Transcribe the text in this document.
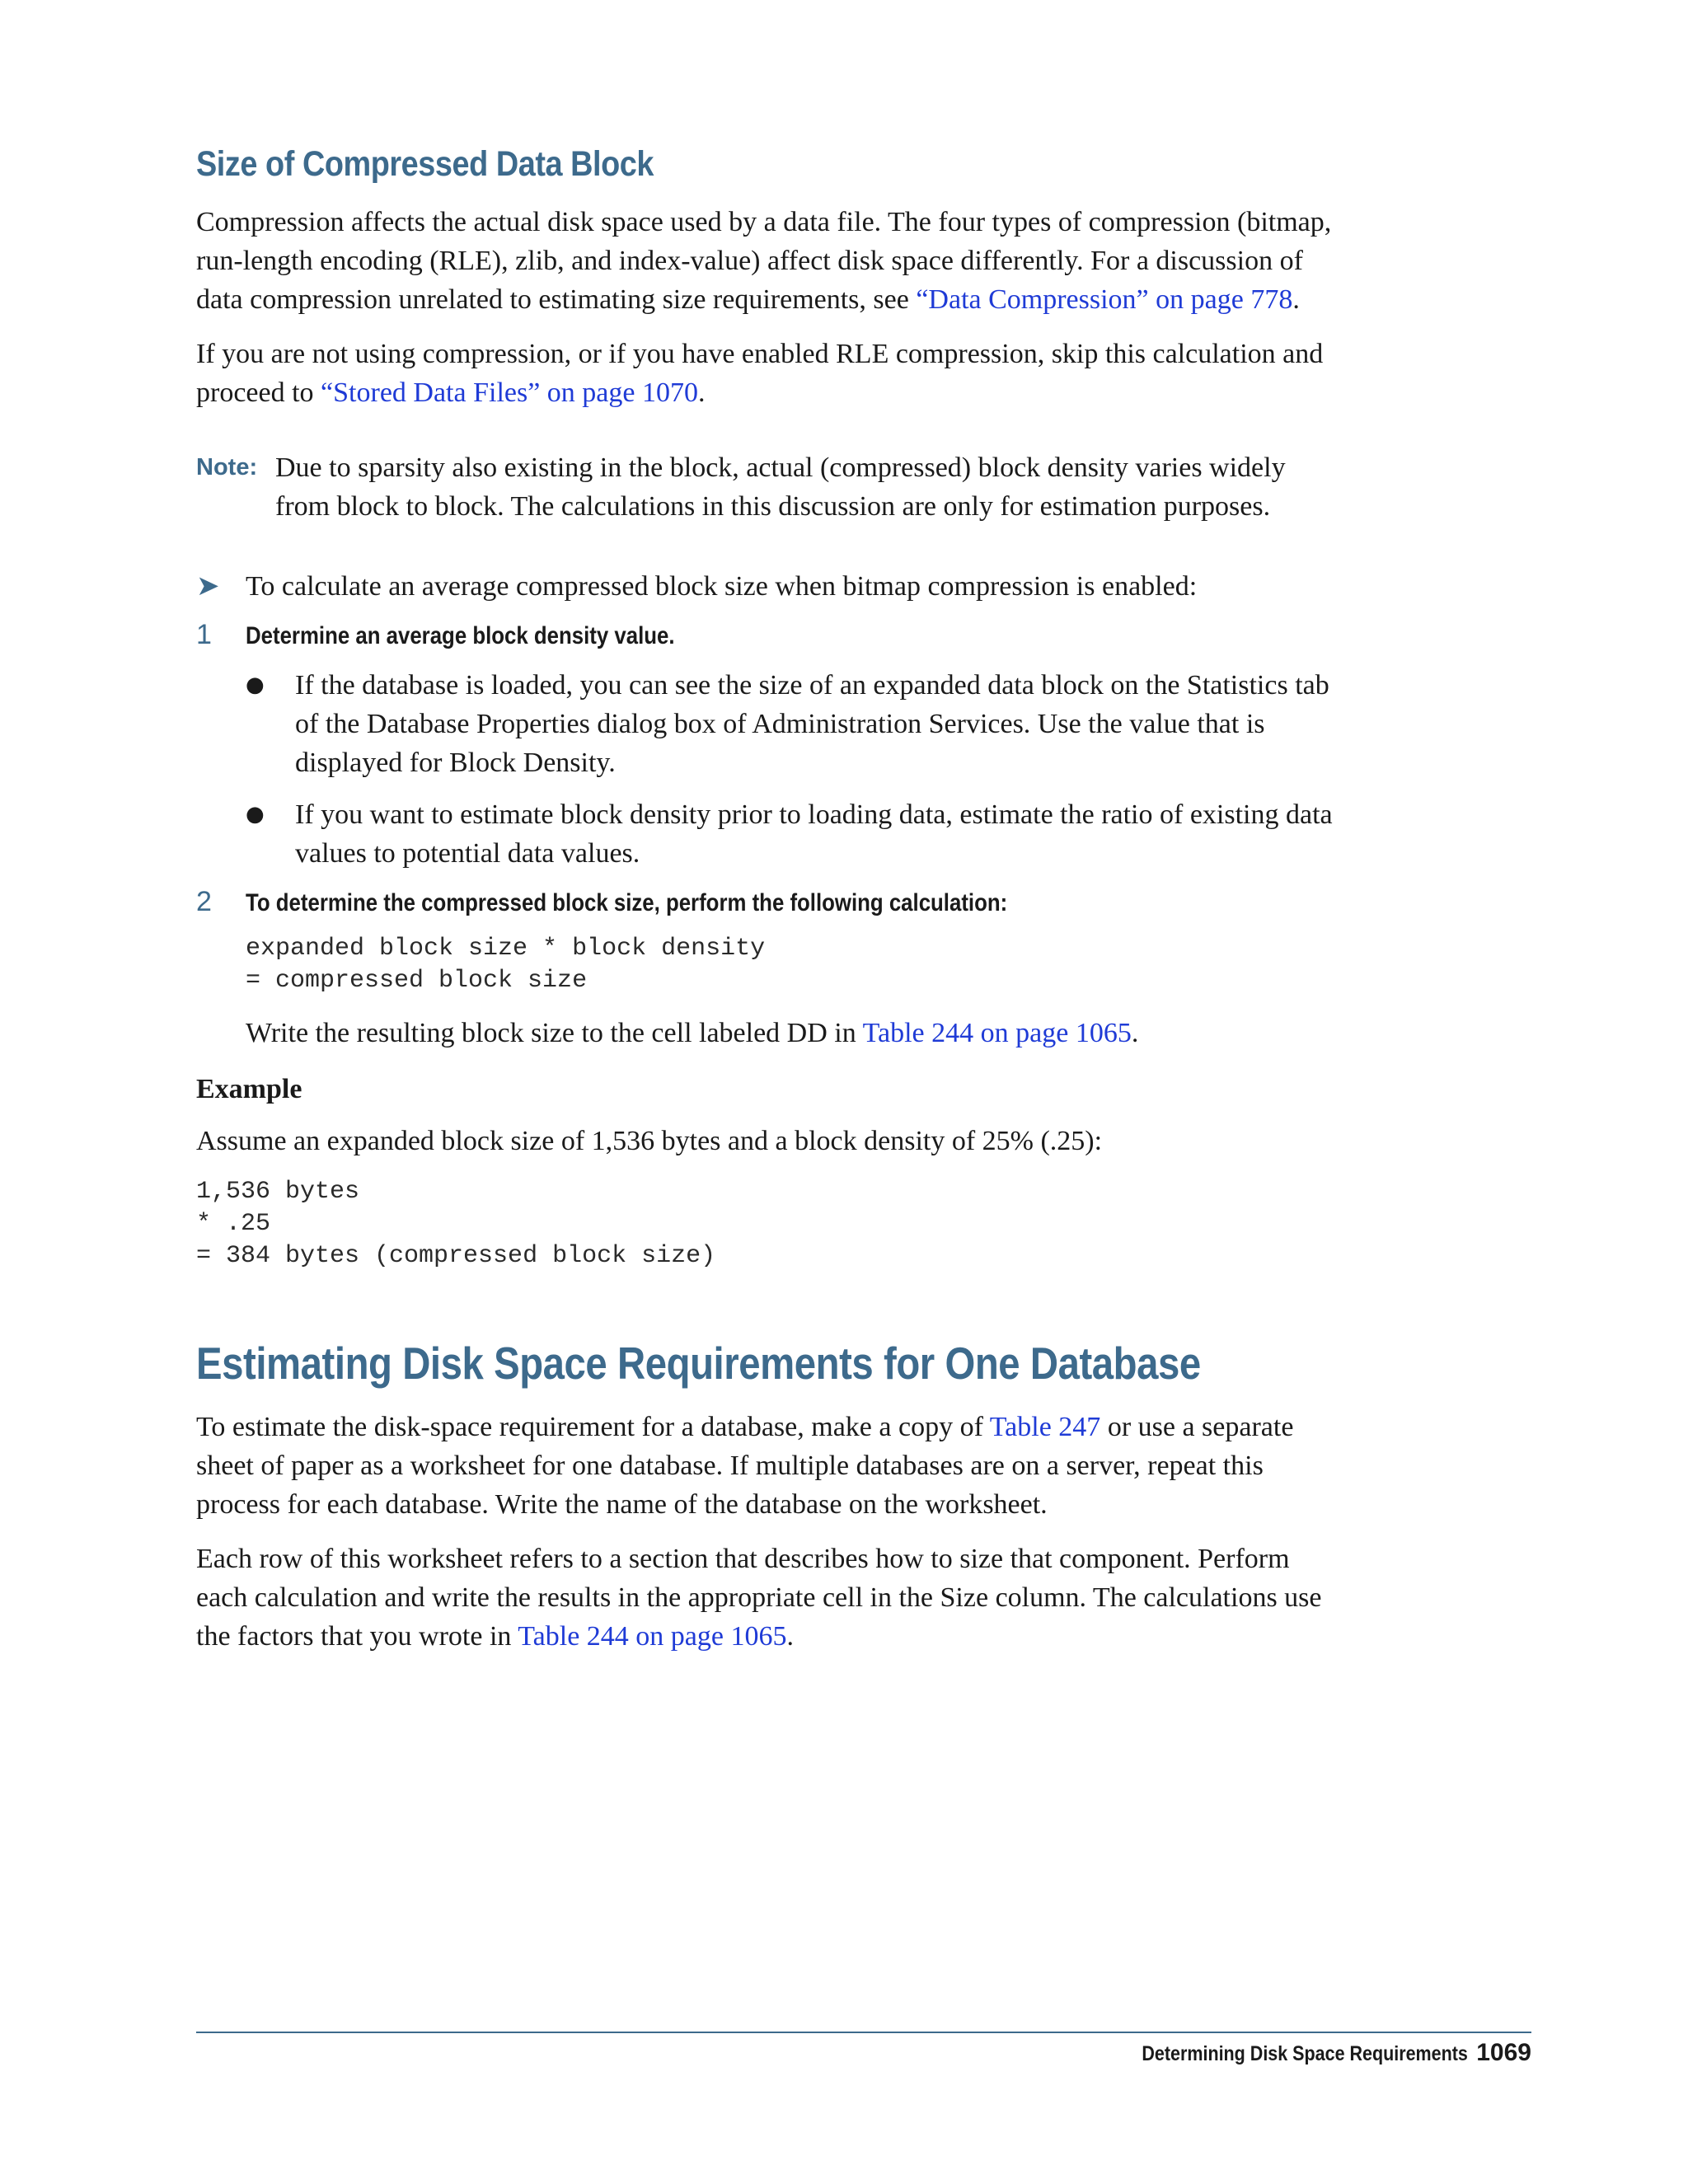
Size of Compressed Data Block

Compression affects the actual disk space used by a data file. The four types of compression (bitmap, run-length encoding (RLE), zlib, and index-value) affect disk space differently. For a discussion of data compression unrelated to estimating size requirements, see “Data Compression” on page 778.

If you are not using compression, or if you have enabled RLE compression, skip this calculation and proceed to “Stored Data Files” on page 1070.

Note: Due to sparsity also existing in the block, actual (compressed) block density varies widely from block to block. The calculations in this discussion are only for estimation purposes.
➤ To calculate an average compressed block size when bitmap compression is enabled:
1	Determine an average block density value.
●	If the database is loaded, you can see the size of an expanded data block on the Statistics tab of the Database Properties dialog box of Administration Services. Use the value that is displayed for Block Density.
●	If you want to estimate block density prior to loading data, estimate the ratio of existing data values to potential data values.
2	To determine the compressed block size, perform the following calculation:
expanded block size * block density
= compressed block size

Write the resulting block size to the cell labeled DD in Table 244 on page 1065.

Example

Assume an expanded block size of 1,536 bytes and a block density of 25% (.25):

1,536 bytes
* .25
= 384 bytes (compressed block size)
Estimating Disk Space Requirements for One Database

To estimate the disk-space requirement for a database, make a copy of Table 247 or use a separate sheet of paper as a worksheet for one database. If multiple databases are on a server, repeat this process for each database. Write the name of the database on the worksheet.

Each row of this worksheet refers to a section that describes how to size that component. Perform each calculation and write the results in the appropriate cell in the Size column. The calculations use the factors that you wrote in Table 244 on page 1065.

Determining Disk Space Requirements 1069
